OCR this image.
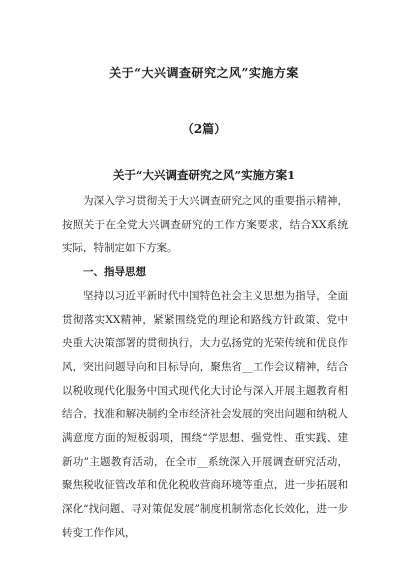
关于“大兴调查研究之风”实施方案
（2篇）
关于“大兴调查研究之风”实施方案1

为深入学习贯彻关于大兴调查研究之风的重要指示精神，按照关于在全党大兴调查研究的工作方案要求，结合XX系统实际，特制定如下方案。

一、指导思想

坚持以习近平新时代中国特色社会主义思想为指导，全面贯彻落实XX精神，紧紧围绕党的理论和路线方针政策、党中央重大决策部署的贯彻执行，大力弘扬党的光荣传统和优良作风，突出问题导向和目标导向，聚焦省__工作会议精神，结合以税收现代化服务中国式现代化大讨论与深入开展主题教育相结合，找准和解决制约全市经济社会发展的突出问题和纳税人满意度方面的短板弱项，围绕“学思想、强党性、重实践、建新功”主题教育活动，在全市__系统深入开展调查研究活动，聚焦税收征管改革和优化税收营商环境等重点，进一步拓展和深化“找问题、寻对策促发展”制度机制常态化长效化，进一步转变工作作风，
